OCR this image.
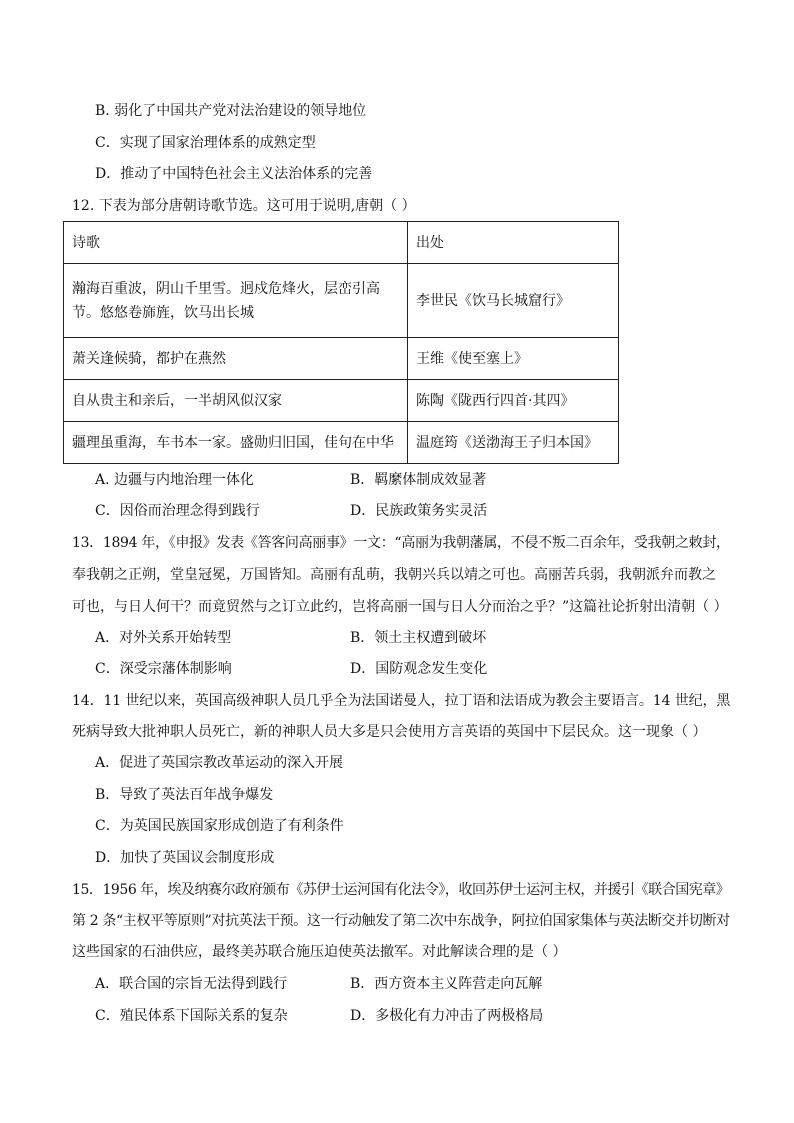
B. 弱化了中国共产党对法治建设的领导地位
C．实现了国家治理体系的成熟定型
D．推动了中国特色社会主义法治体系的完善
12. 下表为部分唐朝诗歌节选。这可用于说明,唐朝（ ）
诗歌	出处
瀚海百重波，阴山千里雪。迥戍危烽火，层峦引高节。悠悠卷旆旌，饮马出长城	李世民《饮马长城窟行》
萧关逢候骑，都护在燕然	王维《使至塞上》
自从贵主和亲后，一半胡风似汉家	陈陶《陇西行四首·其四》
疆理虽重海，车书本一家。盛勋归旧国，佳句在中华	温庭筠《送渤海王子归本国》
A. 边疆与内地治理一体化	B．羁縻体制成效显著
C．因俗而治理念得到践行	D．民族政策务实灵活
13．1894 年，《申报》发表《答客问高丽事》一文：“高丽为我朝藩属，不侵不叛二百余年，受我朝之敕封，
奉我朝之正朔，堂皇冠冕，万国皆知。高丽有乱萌，我朝兴兵以靖之可也。高丽苦兵弱，我朝派弁而教之
可也，与日人何干？而竟贸然与之订立此约，岂将高丽一国与日人分而治之乎？”这篇社论折射出清朝（ ）
A．对外关系开始转型	B．领土主权遭到破坏
C．深受宗藩体制影响	D．国防观念发生变化
14．11 世纪以来，英国高级神职人员几乎全为法国诺曼人，拉丁语和法语成为教会主要语言。14 世纪，黑
死病导致大批神职人员死亡，新的神职人员大多是只会使用方言英语的英国中下层民众。这一现象（ ）
A．促进了英国宗教改革运动的深入开展
B．导致了英法百年战争爆发
C．为英国民族国家形成创造了有利条件
D．加快了英国议会制度形成
15．1956 年，埃及纳赛尔政府颁布《苏伊士运河国有化法令》，收回苏伊士运河主权，并援引《联合国宪章》
第 2 条“主权平等原则”对抗英法干预。这一行动触发了第二次中东战争，阿拉伯国家集体与英法断交并切断对
这些国家的石油供应，最终美苏联合施压迫使英法撤军。对此解读合理的是（ ）
A．联合国的宗旨无法得到践行	B．西方资本主义阵营走向瓦解
C．殖民体系下国际关系的复杂	D．多极化有力冲击了两极格局
